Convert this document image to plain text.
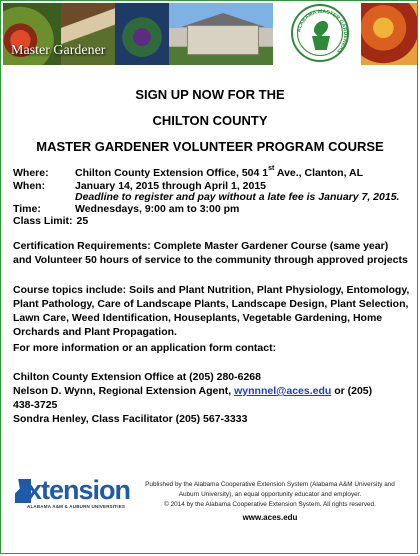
ALABAMA MASTER GARDENERS
Master Gardener
SIGN UP NOW FOR THE
CHILTON COUNTY
MASTER GARDENER VOLUNTEER PROGRAM COURSE
Where:	Chilton County Extension Office, 504 1st Ave., Clanton, AL
When:	January 14, 2015 through April 1, 2015
Deadline to register and pay without a late fee is January 7, 2015.
Time:	Wednesdays, 9:00 am to 3:00 pm
Class Limit: 25
Certification Requirements: Complete Master Gardener Course (same year)
and Volunteer 50 hours of service to the community through approved projects
Course topics include: Soils and Plant Nutrition, Plant Physiology, Entomology,
Plant Pathology, Care of Landscape Plants, Landscape Design, Plant Selection,
Lawn Care, Weed Identification, Houseplants, Vegetable Gardening, Home
Orchards and Plant Propagation.
For more information or an application form contact:
Chilton County Extension Office at (205) 280-6268
Nelson D. Wynn, Regional Extension Agent, wynnnel@aces.edu or (205)
438-3725
Sondra Henley, Class Facilitator (205) 567-3333
xtension
ALABAMA A&M & AUBURN UNIVERSITIES
Published by the Alabama Cooperative Extension System (Alabama A&M University and
Auburn University), an equal opportunity educator and employer.
© 2014 by the Alabama Cooperative Extension System. All rights reserved.
www.aces.edu
